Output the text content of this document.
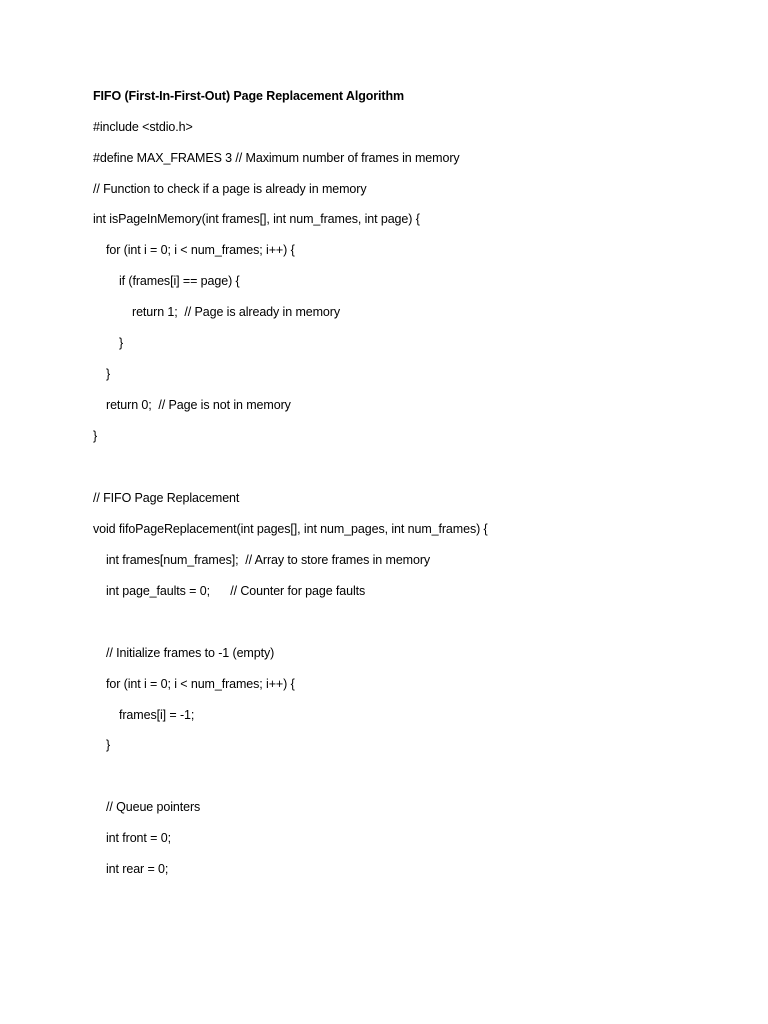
FIFO (First-In-First-Out) Page Replacement Algorithm
#include <stdio.h>
#define MAX_FRAMES 3 // Maximum number of frames in memory
// Function to check if a page is already in memory
int isPageInMemory(int frames[], int num_frames, int page) {
for (int i = 0; i < num_frames; i++) {
if (frames[i] == page) {
return 1;  // Page is already in memory
}
}
return 0;  // Page is not in memory
}
// FIFO Page Replacement
void fifoPageReplacement(int pages[], int num_pages, int num_frames) {
int frames[num_frames];  // Array to store frames in memory
int page_faults = 0;      // Counter for page faults
// Initialize frames to -1 (empty)
for (int i = 0; i < num_frames; i++) {
frames[i] = -1;
}
// Queue pointers
int front = 0;
int rear = 0;
